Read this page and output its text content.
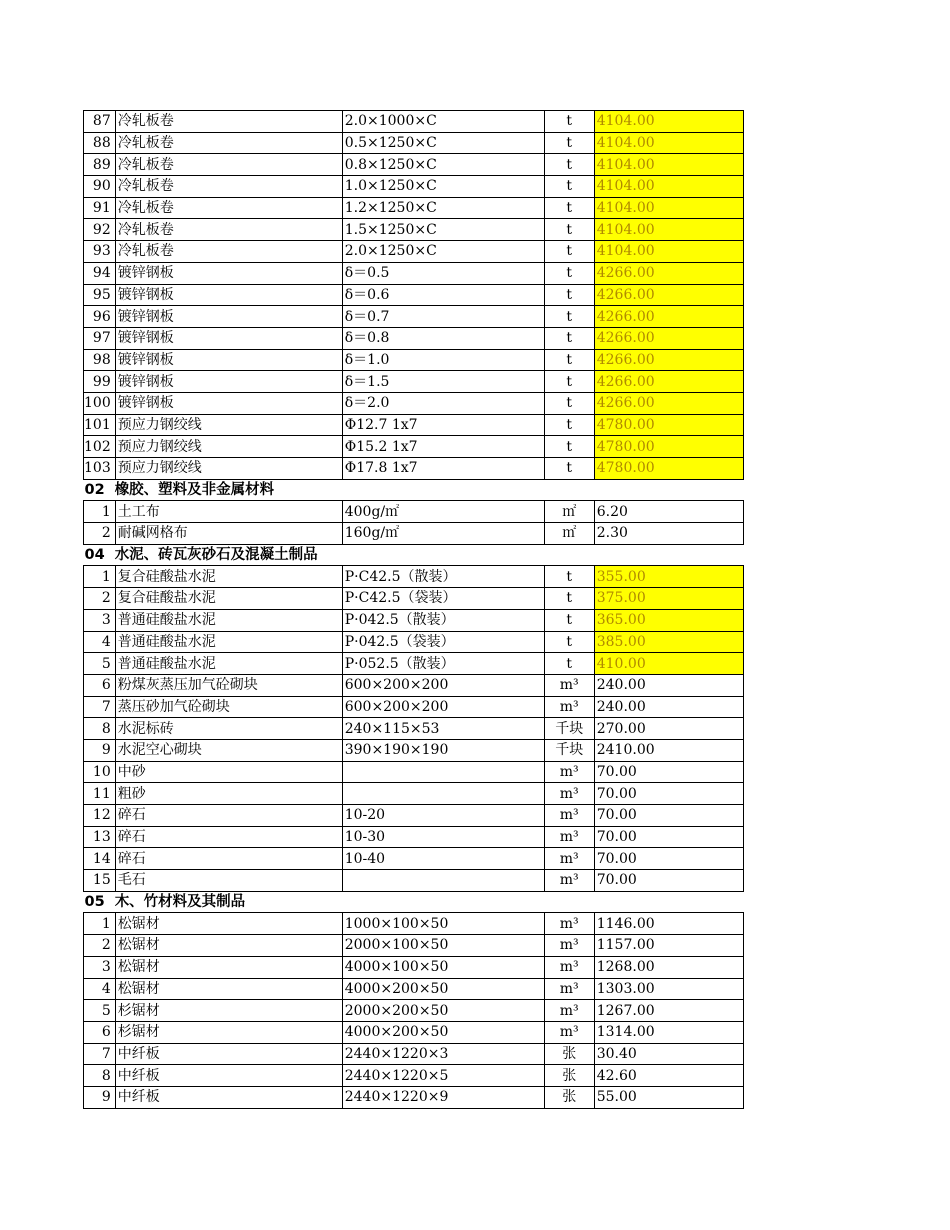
87	冷轧板卷	2.0×1000×C	t	4104.00
88	冷轧板卷	0.5×1250×C	t	4104.00
89	冷轧板卷	0.8×1250×C	t	4104.00
90	冷轧板卷	1.0×1250×C	t	4104.00
91	冷轧板卷	1.2×1250×C	t	4104.00
92	冷轧板卷	1.5×1250×C	t	4104.00
93	冷轧板卷	2.0×1250×C	t	4104.00
94	镀锌钢板	δ＝0.5	t	4266.00
95	镀锌钢板	δ＝0.6	t	4266.00
96	镀锌钢板	δ＝0.7	t	4266.00
97	镀锌钢板	δ＝0.8	t	4266.00
98	镀锌钢板	δ＝1.0	t	4266.00
99	镀锌钢板	δ＝1.5	t	4266.00
100	镀锌钢板	δ＝2.0	t	4266.00
101	预应力钢绞线	Φ12.7 1x7	t	4780.00
102	预应力钢绞线	Φ15.2 1x7	t	4780.00
103	预应力钢绞线	Φ17.8 1x7	t	4780.00
02 橡胶、塑料及非金属材料				
1	土工布	400g/㎡	㎡	6.20
2	耐碱网格布	160g/㎡	㎡	2.30
04 水泥、砖瓦灰砂石及混凝土制品				
1	复合硅酸盐水泥	P·C42.5（散装）	t	355.00
2	复合硅酸盐水泥	P·C42.5（袋装）	t	375.00
3	普通硅酸盐水泥	P·042.5（散装）	t	365.00
4	普通硅酸盐水泥	P·042.5（袋装）	t	385.00
5	普通硅酸盐水泥	P·052.5（散装）	t	410.00
6	粉煤灰蒸压加气砼砌块	600×200×200	m³	240.00
7	蒸压砂加气砼砌块	600×200×200	m³	240.00
8	水泥标砖	240×115×53	千块	270.00
9	水泥空心砌块	390×190×190	千块	2410.00
10	中砂		m³	70.00
11	粗砂		m³	70.00
12	碎石	10-20	m³	70.00
13	碎石	10-30	m³	70.00
14	碎石	10-40	m³	70.00
15	毛石		m³	70.00
05 木、竹材料及其制品				
1	松锯材	1000×100×50	m³	1146.00
2	松锯材	2000×100×50	m³	1157.00
3	松锯材	4000×100×50	m³	1268.00
4	松锯材	4000×200×50	m³	1303.00
5	杉锯材	2000×200×50	m³	1267.00
6	杉锯材	4000×200×50	m³	1314.00
7	中纤板	2440×1220×3	张	30.40
8	中纤板	2440×1220×5	张	42.60
9	中纤板	2440×1220×9	张	55.00
